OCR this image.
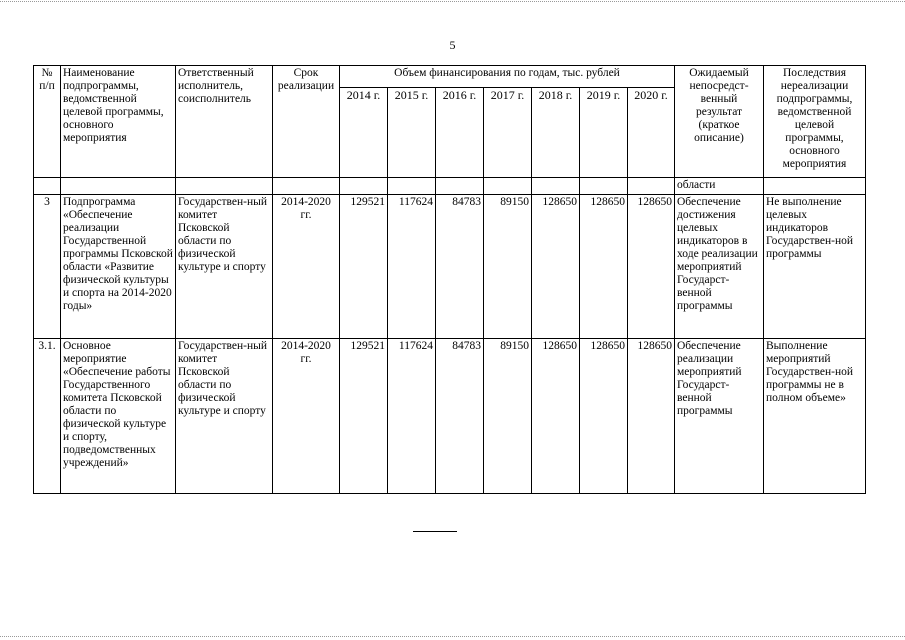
5
№ п/п	Наименование подпрограммы, ведомственной целевой программы, основного мероприятия	Ответственный исполнитель, соисполнитель	Срок реализации	Объем финансирования по годам, тыс. рублей							Ожидаемый непосредст-венный результат (краткое описание)	Последствия нереализации подпрограммы, ведомственной целевой программы, основного мероприятия
				2014 г.	2015 г.	2016 г.	2017 г.	2018 г.	2019 г.	2020 г.		
											области	
3	Подпрограмма «Обеспечение реализации Государственной программы Псковской области «Развитие физической культуры и спорта на 2014-2020 годы»	Государствен-ный комитет Псковской области по физической культуре и спорту	2014-2020 гг.	129521	117624	84783	89150	128650	128650	128650	Обеспечение достижения целевых индикаторов в ходе реализации мероприятий Государст-венной программы	Не выполнение целевых индикаторов Государствен-ной программы
3.1.	Основное мероприятие «Обеспечение работы Государственного комитета Псковской области по физической культуре и спорту, подведомственных учреждений»	Государствен-ный комитет Псковской области по физической культуре и спорту	2014-2020 гг.	129521	117624	84783	89150	128650	128650	128650	Обеспечение реализации мероприятий Государст-венной программы	Выполнение мероприятий Государствен-ной программы не в полном объеме»
